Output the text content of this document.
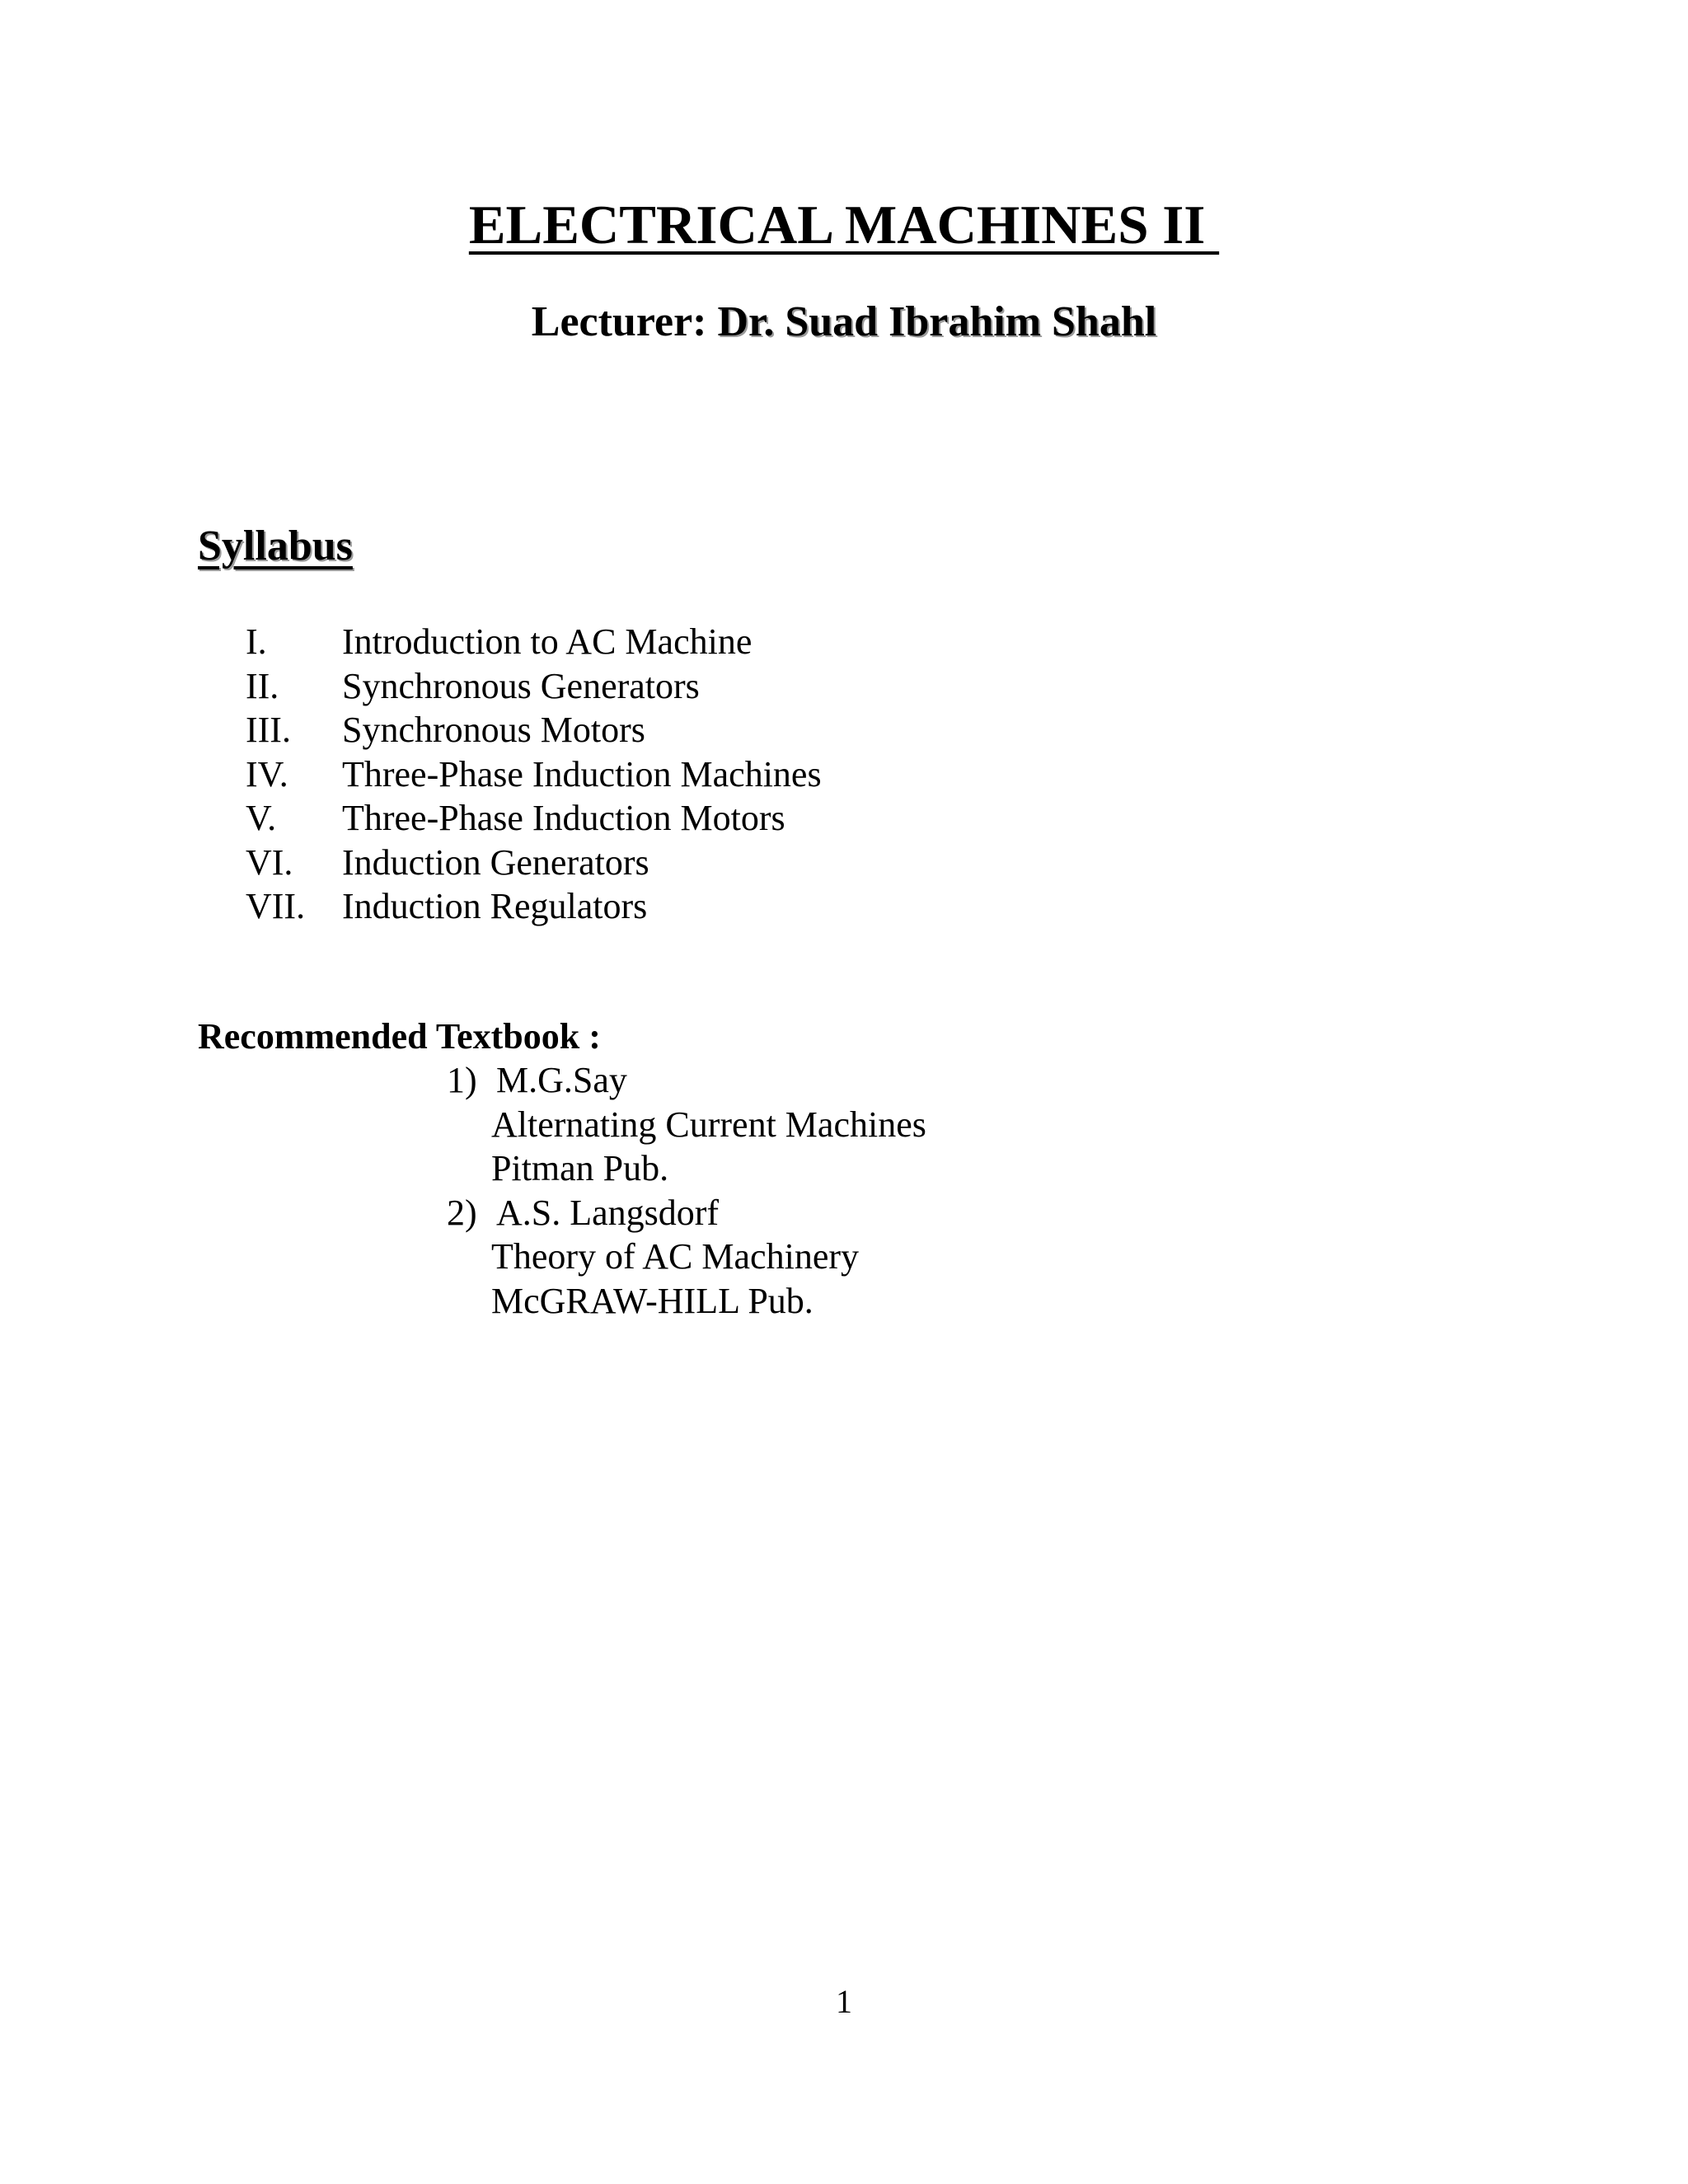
ELECTRICAL MACHINES II
Lecturer: Dr. Suad Ibrahim Shahl
Syllabus
I. Introduction to AC Machine
II. Synchronous Generators
III. Synchronous Motors
IV. Three-Phase Induction Machines
V. Three-Phase Induction Motors
VI. Induction Generators
VII. Induction Regulators
Recommended Textbook :
1) M.G.Say
Alternating Current Machines
Pitman Pub.
2) A.S. Langsdorf
Theory of AC Machinery
McGRAW-HILL Pub.
1
